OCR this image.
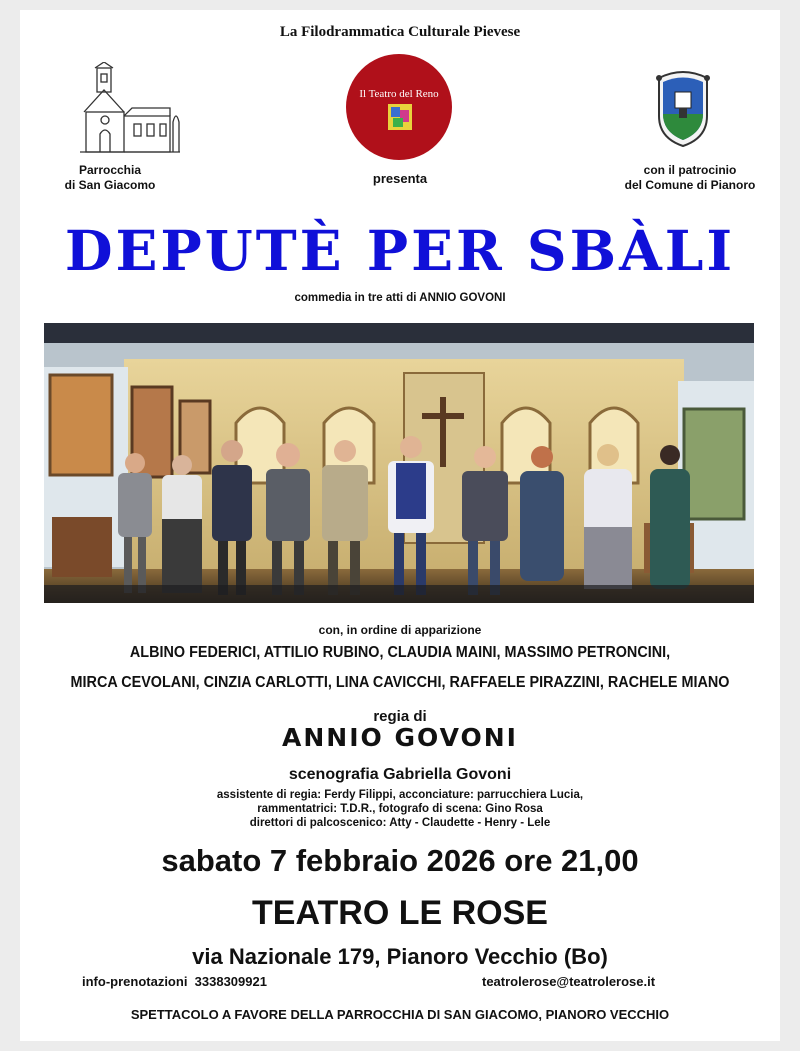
La Filodrammatica Culturale Pievese
Parrocchia
di San Giacomo
Il Teatro del Reno
presenta
con il patrocinio
del Comune di Pianoro
DEPUTÈ PER SBÀLI
commedia in tre atti di ANNIO GOVONI
con, in ordine di apparizione
ALBINO FEDERICI, ATTILIO RUBINO, CLAUDIA MAINI, MASSIMO PETRONCINI,
MIRCA CEVOLANI, CINZIA CARLOTTI, LINA CAVICCHI, RAFFAELE PIRAZZINI, RACHELE MIANO
regia di
ANNIO GOVONI
scenografia Gabriella Govoni
assistente di regia: Ferdy Filippi, acconciature: parrucchiera Lucia,
rammentatrici: T.D.R., fotografo di scena: Gino Rosa
direttori di palcoscenico: Atty - Claudette - Henry - Lele
sabato 7 febbraio 2026 ore 21,00
TEATRO LE ROSE
via Nazionale 179, Pianoro Vecchio (Bo)
info-prenotazioni  3338309921	teatrolerose@teatrolerose.it
SPETTACOLO A FAVORE DELLA PARROCCHIA DI SAN GIACOMO, PIANORO VECCHIO
